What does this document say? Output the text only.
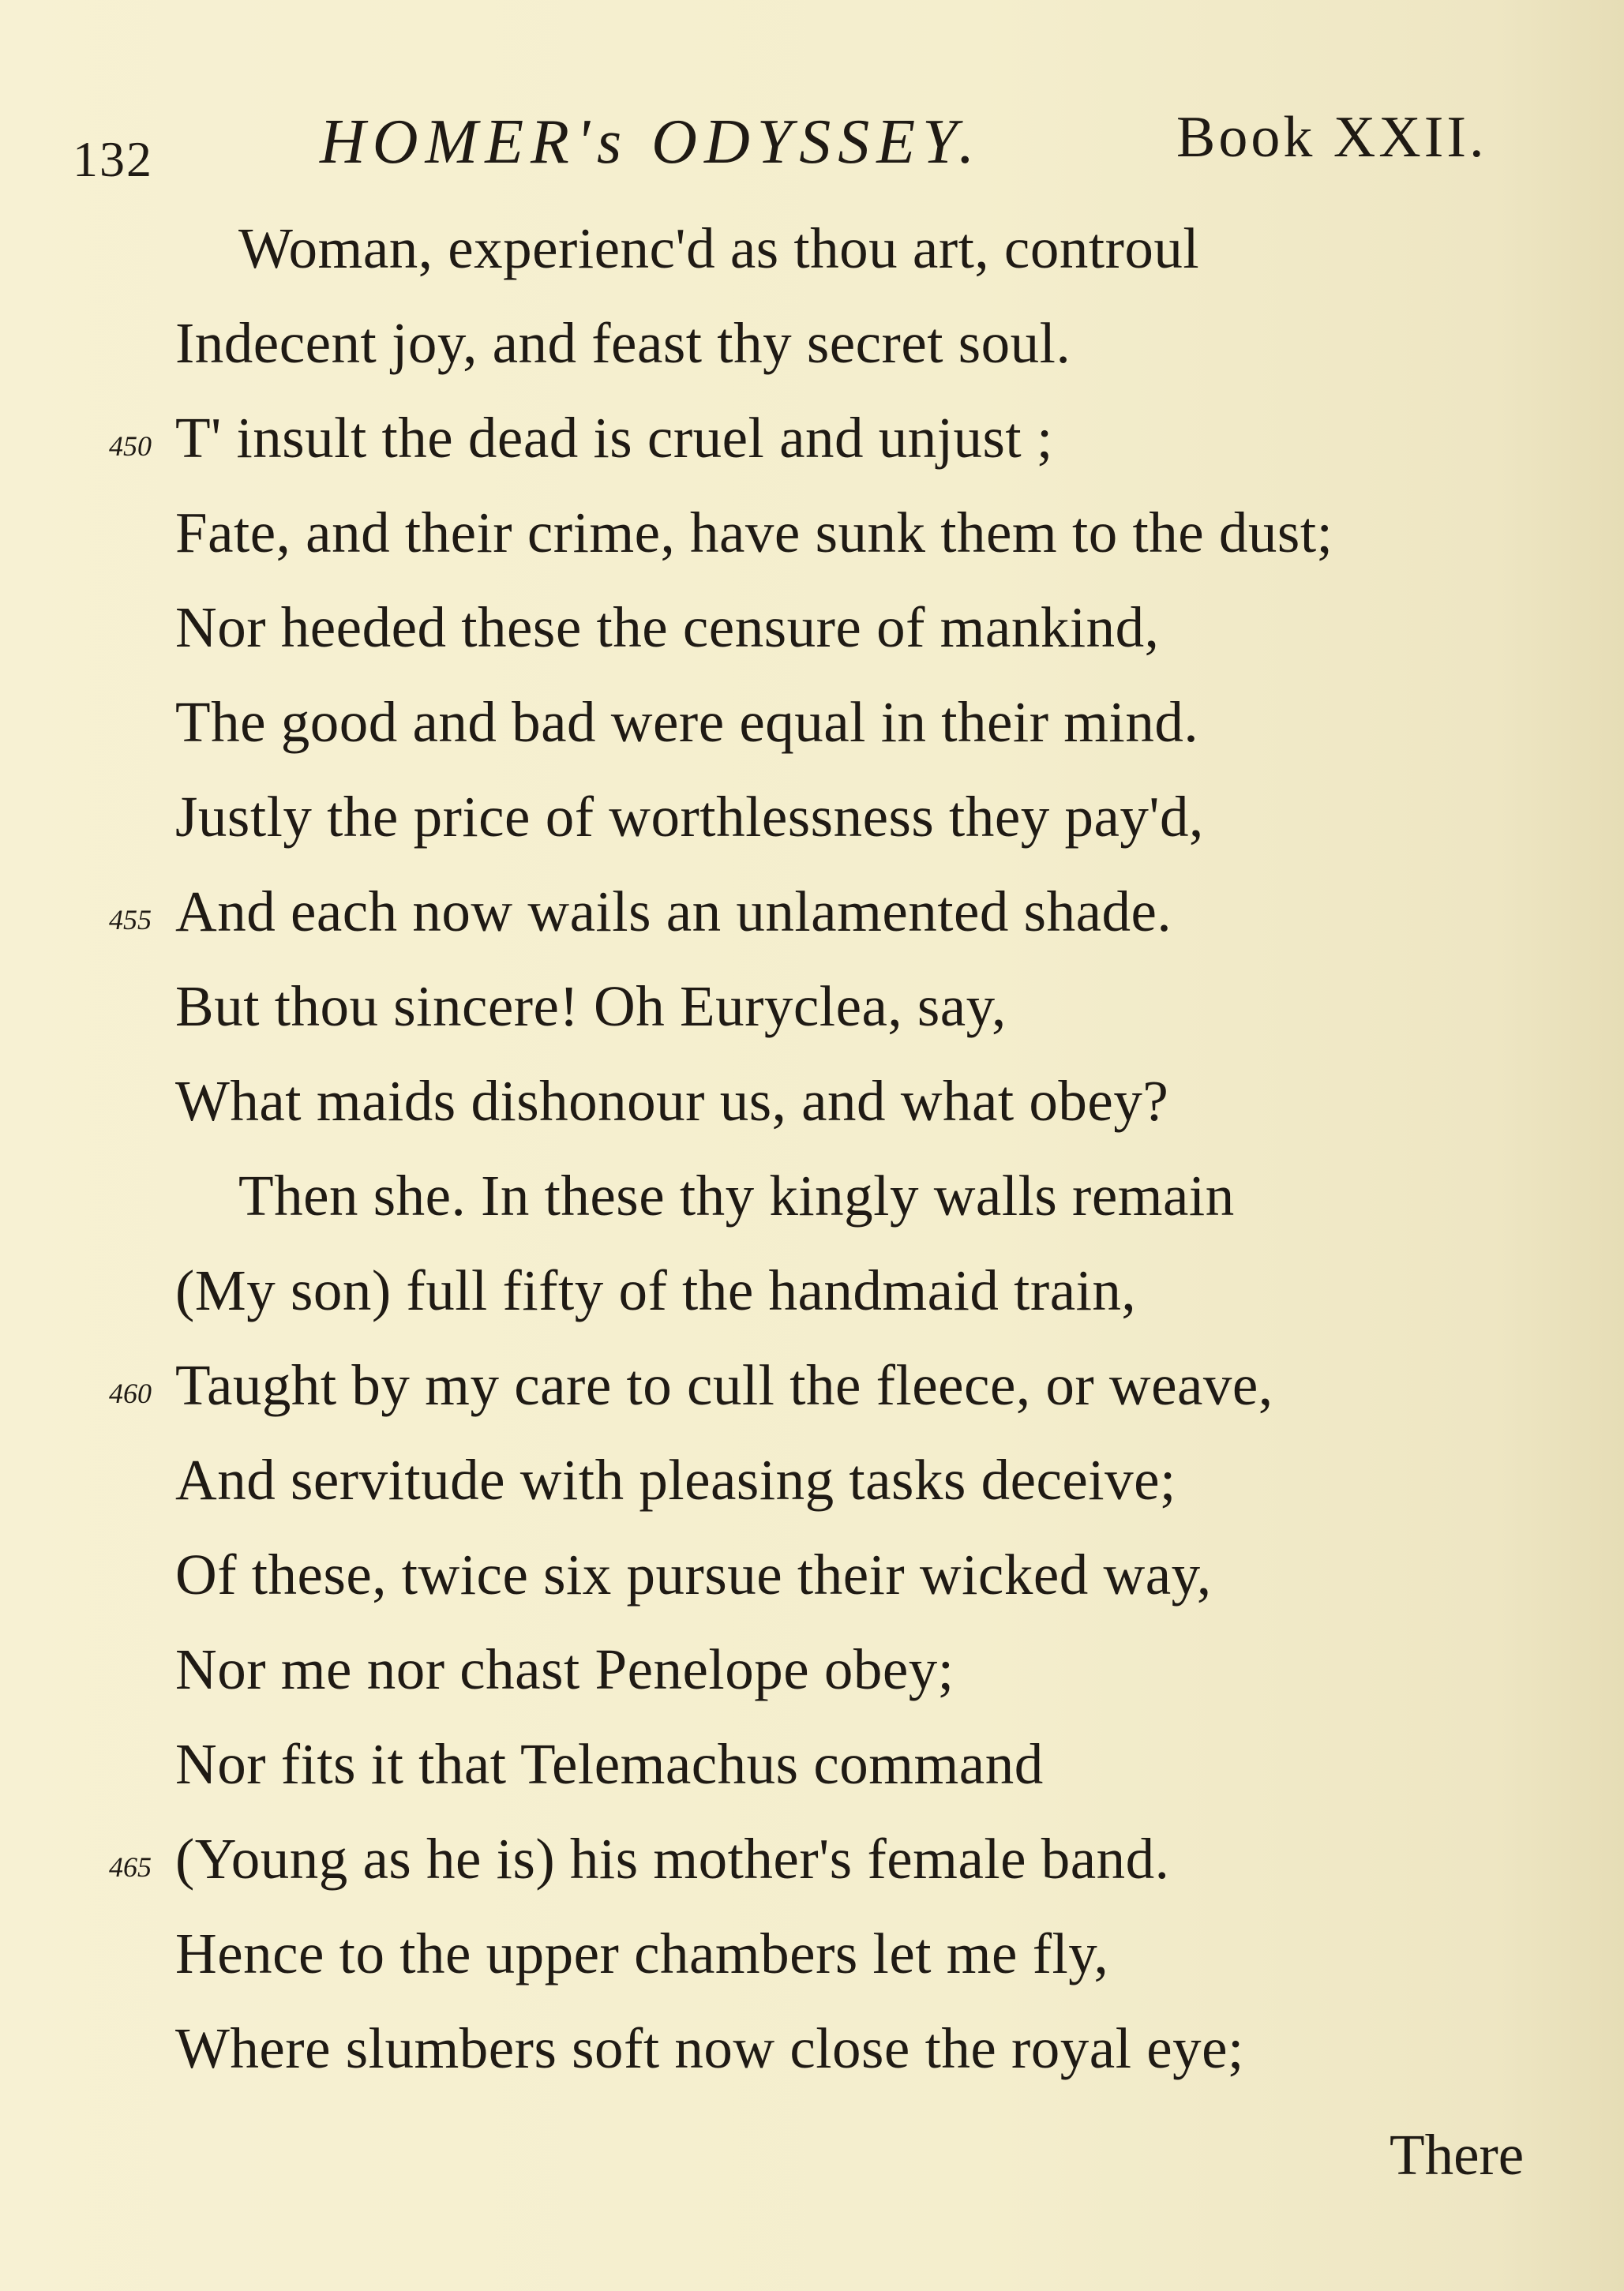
132	HOMER's ODYSSEY.	Book XXII.
Woman, experienc'd as thou art, controul
Indecent joy, and feast thy secret soul.
450 T' insult the dead is cruel and unjust ;
Fate, and their crime, have sunk them to the dust;
Nor heeded these the censure of mankind,
The good and bad were equal in their mind.
Justly the price of worthlessness they pay'd,
455 And each now wails an unlamented shade.
But thou sincere! Oh Euryclea, say,
What maids dishonour us, and what obey?
Then she. In these thy kingly walls remain
(My son) full fifty of the handmaid train,
460 Taught by my care to cull the fleece, or weave,
And servitude with pleasing tasks deceive;
Of these, twice six pursue their wicked way,
Nor me nor chast Penelope obey;
Nor fits it that Telemachus command
465 (Young as he is) his mother's female band.
Hence to the upper chambers let me fly,
Where slumbers soft now close the royal eye;
There
